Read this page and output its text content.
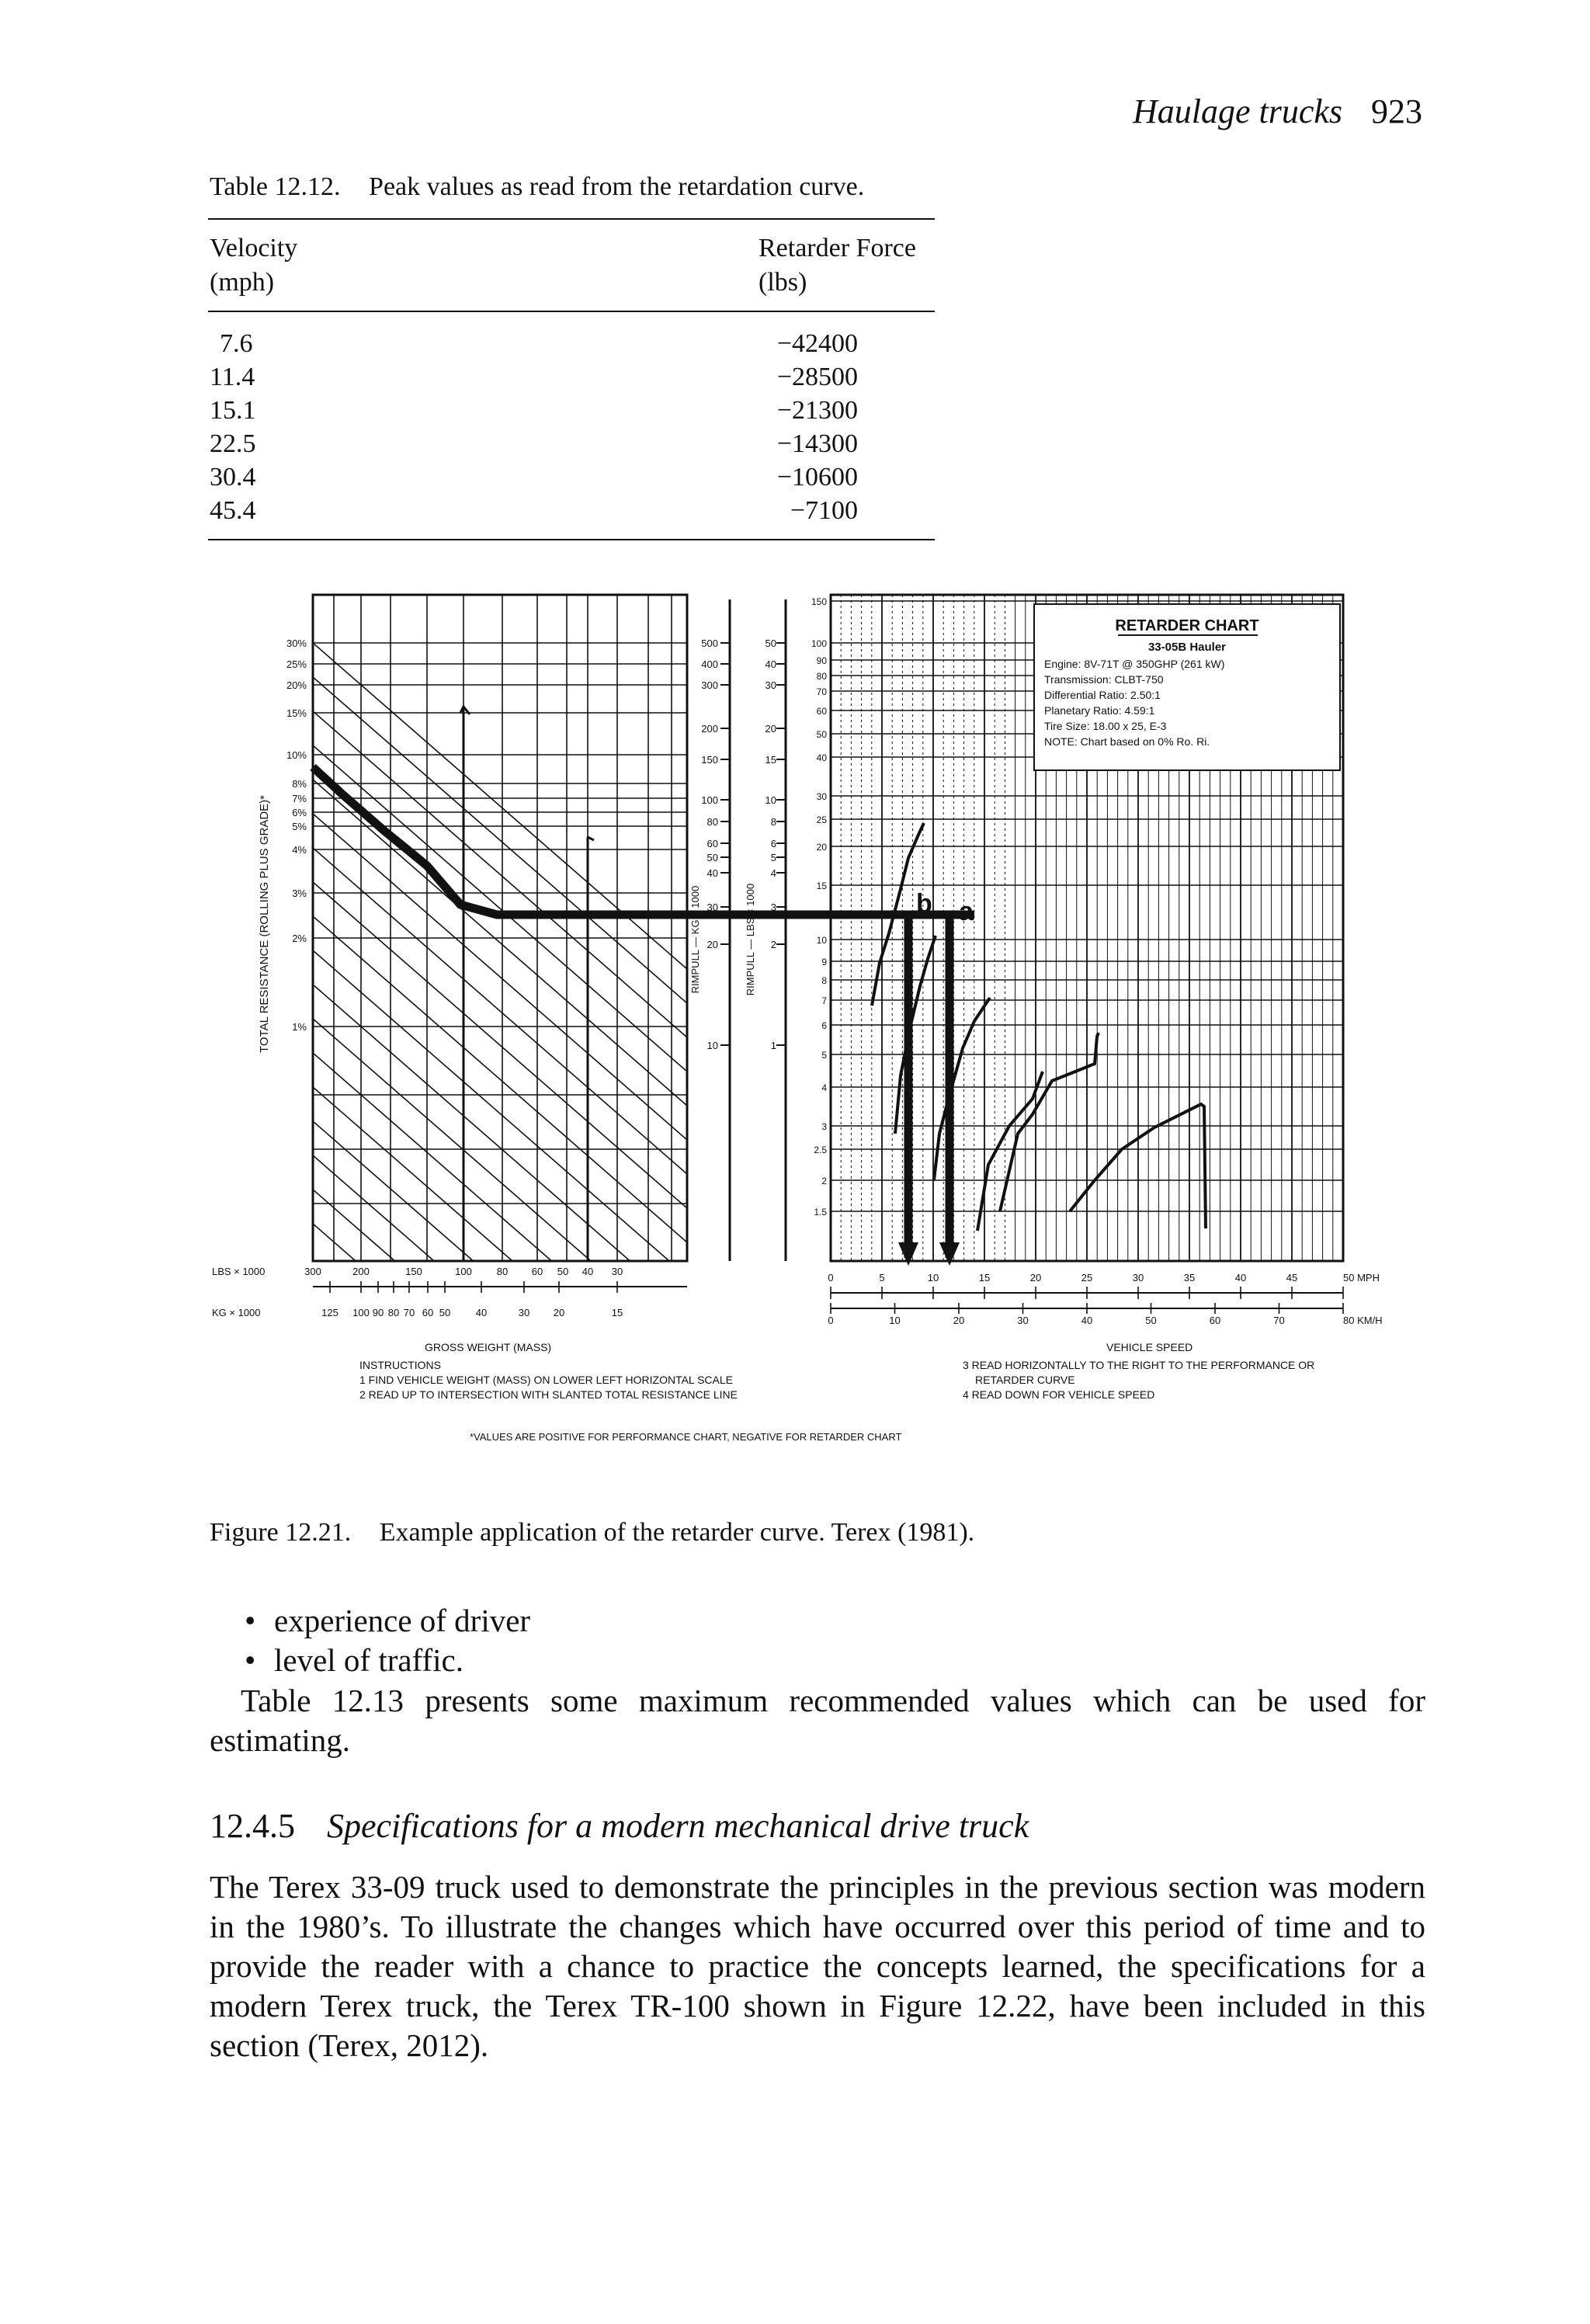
Haulage trucks 923
Table 12.12. Peak values as read from the retardation curve.
Velocity
(mph)
Retarder Force
(lbs)
7.6	−42400
11.4	−28500
15.1	−21300
22.5	−14300
30.4	−10600
45.4	−7100
TOTAL RESISTANCE (ROLLING PLUS GRADE)*
30%
25%
20%
15%
10%
8%
7%
6%
5%
4%
3%
2%
1%
LBS × 1000
KG × 1000
300	200	150	100 80 60 50 40 30
125 100 90 80 70 60 50	40	30 20	15
GROSS WEIGHT (MASS)
500
400
300
200
150
100
80
60
50
40
30
20
10
50
40
30
20
15
10
8
6
5
4
3
2
1
RIMPULL — KG × 1000	RIMPULL — LBS × 1000
150
100
90
80
70
60
50
40
30
25
20
15
10
9
8
7
6
5
4
3
2.5
2
1.5
RETARDER CHART
33-05B Hauler
Engine: 8V-71T @ 350GHP (261 kW)
Transmission: CLBT-750
Differential Ratio: 2.50:1
Planetary Ratio: 4.59:1
Tire Size: 18.00 x 25, E-3
NOTE: Chart based on 0% Ro. Ri.
b a
0	5	10	15	20	25	30	35	40	45	50 MPH
0	10	20	30	40	50	60	70	80 KM/H
VEHICLE SPEED
INSTRUCTIONS
1 FIND VEHICLE WEIGHT (MASS) ON LOWER LEFT HORIZONTAL SCALE
2 READ UP TO INTERSECTION WITH SLANTED TOTAL RESISTANCE LINE
3 READ HORIZONTALLY TO THE RIGHT TO THE PERFORMANCE OR
RETARDER CURVE
4 READ DOWN FOR VEHICLE SPEED
*VALUES ARE POSITIVE FOR PERFORMANCE CHART, NEGATIVE FOR RETARDER CHART
Figure 12.21. Example application of the retarder curve. Terex (1981).
• experience of driver
• level of traffic.
Table 12.13 presents some maximum recommended values which can be used for estimating.
12.4.5 Specifications for a modern mechanical drive truck
The Terex 33-09 truck used to demonstrate the principles in the previous section was modern
in the 1980’s. To illustrate the changes which have occurred over this period of time and to
provide the reader with a chance to practice the concepts learned, the specifications for a
modern Terex truck, the Terex TR-100 shown in Figure 12.22, have been included in this
section (Terex, 2012).
